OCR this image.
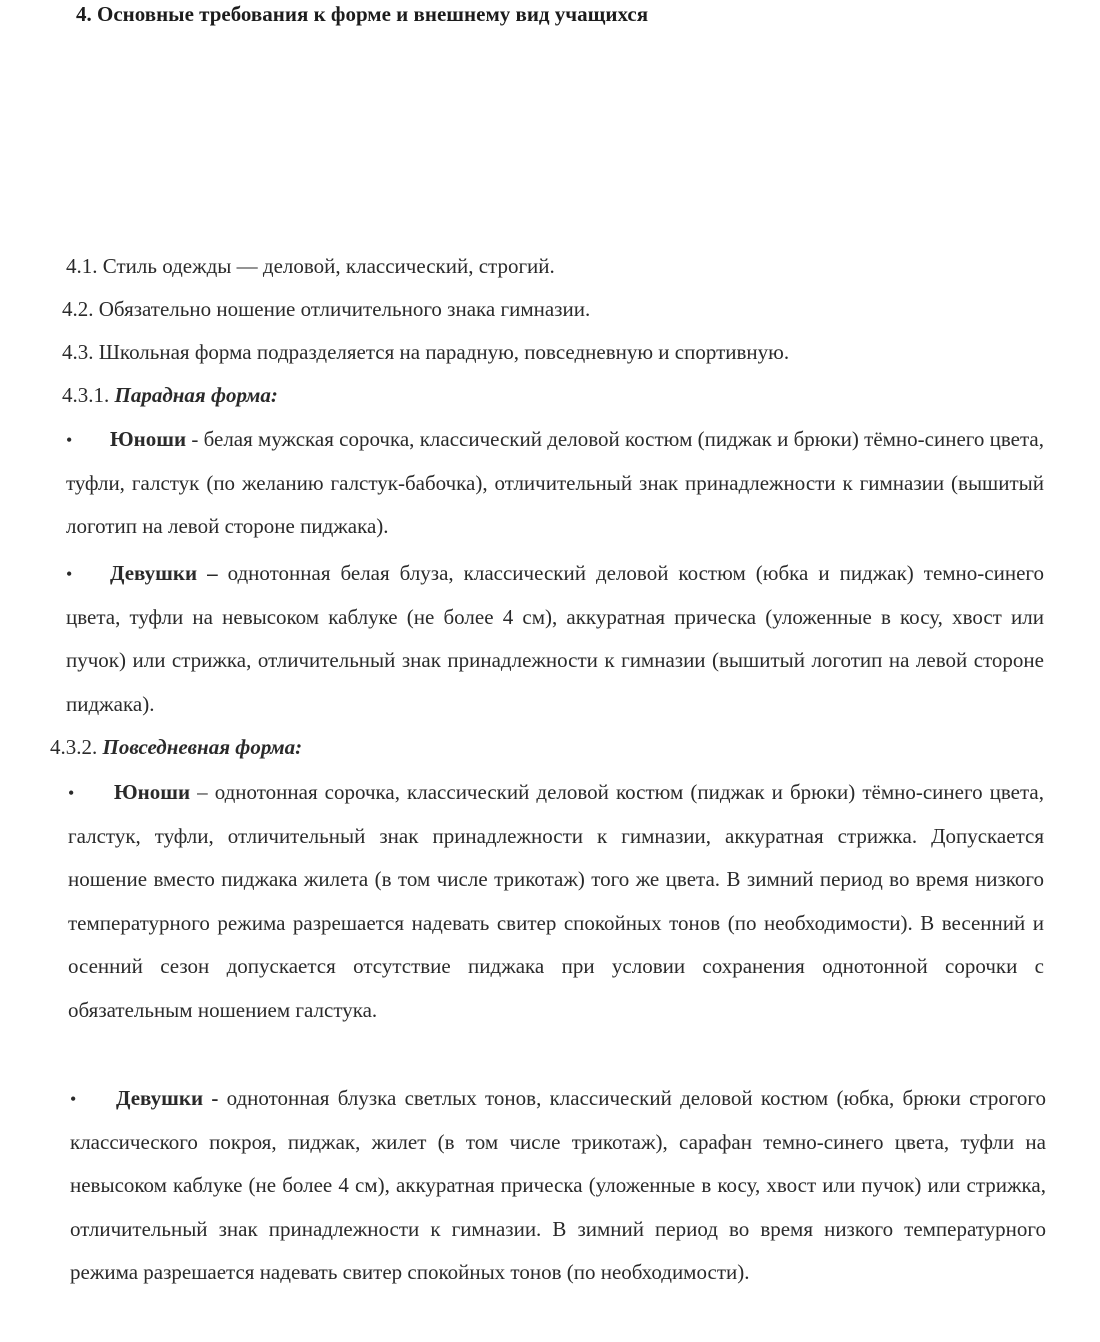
4. Основные требования к форме и внешнему вид учащихся
4.1. Стиль одежды — деловой, классический, строгий.
4.2. Обязательно ношение отличительного знака гимназии.
4.3. Школьная форма подразделяется на парадную, повседневную и спортивную.
4.3.1. Парадная форма:
•	Юноши - белая мужская сорочка, классический деловой костюм (пиджак и брюки) тёмно-синего цвета, туфли, галстук (по желанию галстук-бабочка), отличительный знак принадлежности к гимназии (вышитый логотип на левой стороне пиджака).
•	Девушки – однотонная белая блуза, классический деловой костюм (юбка и пиджак) темно-синего цвета, туфли на невысоком каблуке (не более 4 см), аккуратная прическа (уложенные в косу, хвост или пучок) или стрижка, отличительный знак принадлежности к гимназии (вышитый логотип на левой стороне пиджака).
4.3.2. Повседневная форма:
•	Юноши – однотонная сорочка, классический деловой костюм (пиджак и брюки) тёмно-синего цвета, галстук, туфли, отличительный знак принадлежности к гимназии, аккуратная стрижка. Допускается ношение вместо пиджака жилета (в том числе трикотаж) того же цвета. В зимний период во время низкого температурного режима разрешается надевать свитер спокойных тонов (по необходимости). В весенний и осенний сезон допускается отсутствие пиджака при условии сохранения однотонной сорочки с обязательным ношением галстука.
•	Девушки - однотонная блузка светлых тонов, классический деловой костюм (юбка, брюки строгого классического покроя, пиджак, жилет (в том числе трикотаж), сарафан темно-синего цвета, туфли на невысоком каблуке (не более 4 см), аккуратная прическа (уложенные в косу, хвост или пучок) или стрижка, отличительный знак принадлежности к гимназии. В зимний период во время низкого температурного режима разрешается надевать свитер спокойных тонов (по необходимости).
